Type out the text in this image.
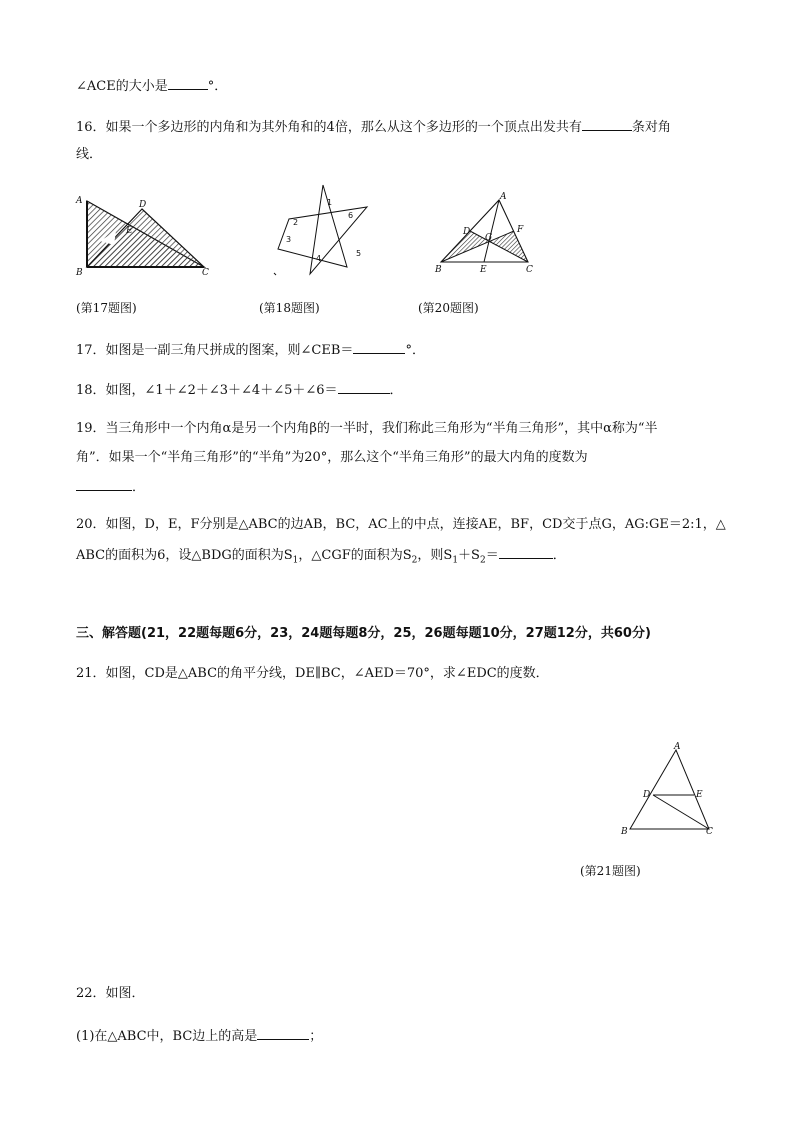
∠ACE的大小是	°．
16．如果一个多边形的内角和为其外角和的4倍，那么从这个多边形的一个顶点出发共有	条对角
线．
A	D
E
B	C
(第17题图)
1
2
3
4
5
6
(第18题图)
A
D
G
F
B	E	C
(第20题图)
17．如图是一副三角尺拼成的图案，则∠CEB＝	°．
18．如图，∠1＋∠2＋∠3＋∠4＋∠5＋∠6＝	．
19．当三角形中一个内角α是另一个内角β的一半时，我们称此三角形为“半角三角形”，其中α称为“半
角”．如果一个“半角三角形”的“半角”为20°，那么这个“半角三角形”的最大内角的度数为
．
20．如图，D，E，F分别是△ABC的边AB，BC，AC上的中点，连接AE，BF，CD交于点G，AG:GE＝2:1，△
ABC的面积为6，设△BDG的面积为$S_1$，△CGF的面积为$S_2$，则$S_1+S_2=$	．
三、解答题(21，22题每题6分，23，24题每题8分，25，26题每题10分，27题12分，共60分)
21．如图，CD是△ABC的角平分线，DE∥BC，∠AED＝70°，求∠EDC的度数．
A
D	E
B	C
(第21题图)
22．如图．
(1)在△ABC中，BC边上的高是	；
